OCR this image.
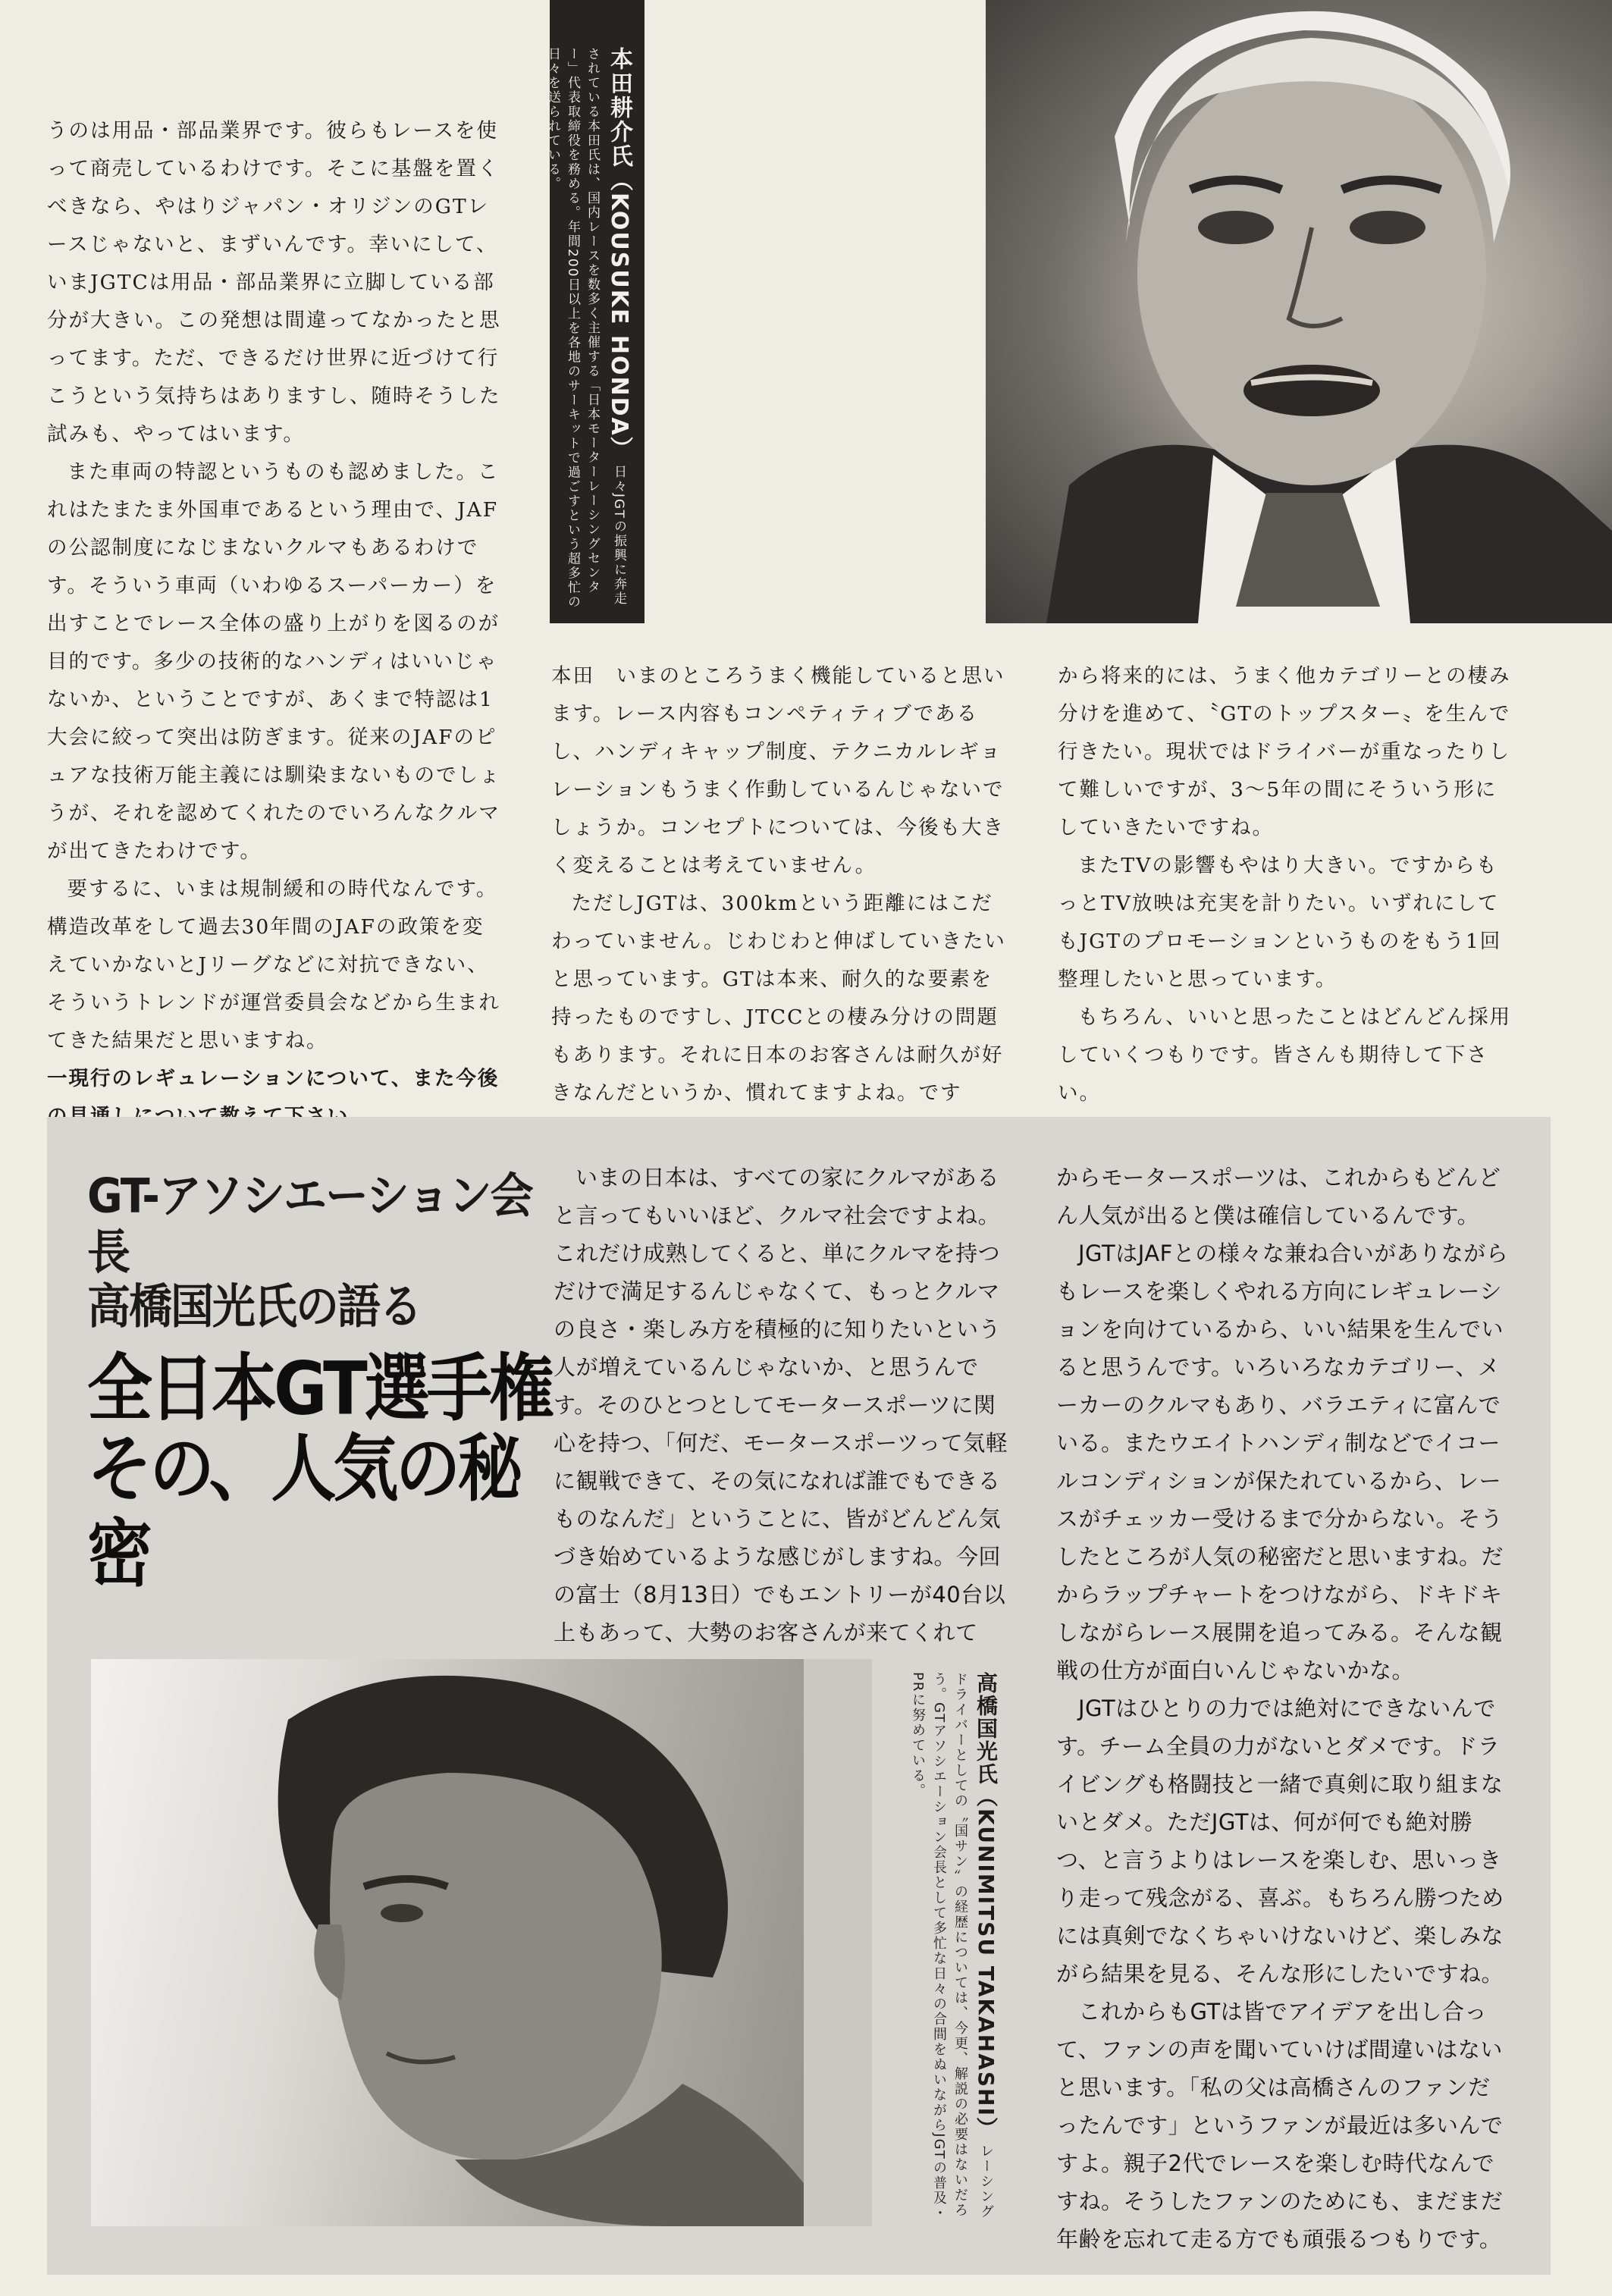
うのは用品・部品業界です。彼らもレースを使って商売しているわけです。そこに基盤を置くべきなら、やはりジャパン・オリジンのGTレースじゃないと、まずいんです。幸いにして、いまJGTCは用品・部品業界に立脚している部分が大きい。この発想は間違ってなかったと思ってます。ただ、できるだけ世界に近づけて行こうという気持ちはありますし、随時そうした試みも、やってはいます。

また車両の特認というものも認めました。これはたまたま外国車であるという理由で、JAFの公認制度になじまないクルマもあるわけです。そういう車両（いわゆるスーパーカー）を出すことでレース全体の盛り上がりを図るのが目的です。多少の技術的なハンディはいいじゃないか、ということですが、あくまで特認は1大会に絞って突出は防ぎます。従来のJAFのピュアな技術万能主義には馴染まないものでしょうが、それを認めてくれたのでいろんなクルマが出てきたわけです。

要するに、いまは規制緩和の時代なんです。構造改革をして過去30年間のJAFの政策を変えていかないとJリーグなどに対抗できない、そういうトレンドが運営委員会などから生まれてきた結果だと思いますね。

一現行のレギュレーションについて、また今後

本田耕介氏（KOUSUKE HONDA） 日々JGTの振興に奔走されている本田氏は、国内レースを数多く主催する「日本モーターレーシングセンター」代表取締役を務める。年間200日以上を各地のサーキットで過ごすという超多忙の日々を送られている。

本田　いまのところうまく機能していると思います。レース内容もコンペティティブであるし、ハンディキャップ制度、テクニカルレギョレーションもうまく作動しているんじゃないでしょうか。コンセプトについては、今後も大きく変えることは考えていません。

ただしJGTは、300kmという距離にはこだわっていません。じわじわと伸ばしていきたいと思っています。GTは本来、耐久的な要素を持ったものですし、JTCCとの棲み分けの問題もあります。それに日本のお客さんは耐久が好きなんだというか、慣れてますよね。です

から将来的には、うまく他カテゴリーとの棲み分けを進めて、〝GTのトップスター〟を生んで行きたい。現状ではドライバーが重なったりして難しいですが、3～5年の間にそういう形にしていきたいですね。

またTVの影響もやはり大きい。ですからもっとTV放映は充実を計りたい。いずれにしてもJGTのプロモーションというものをもう1回整理したいと思っています。

もちろん、いいと思ったことはどんどん採用していくつもりです。皆さんも期待して下さい。

GT-アソシエーション会長
高橋国光氏の語る
全日本GT選手権
その、人気の秘密

いまの日本は、すべての家にクルマがあると言ってもいいほど、クルマ社会ですよね。これだけ成熟してくると、単にクルマを持つだけで満足するんじゃなくて、もっとクルマの良さ・楽しみ方を積極的に知りたいという人が増えているんじゃないか、と思うんです。そのひとつとしてモータースポーツに関心を持つ、「何だ、モータースポーツって気軽に観戦できて、その気になれば誰でもできるものなんだ」ということに、皆がどんどん気づき始めているような感じがしますね。今回の富士（8月13日）でもエントリーが40台以上もあって、大勢のお客さんが来てくれて

高橋国光氏（KUNIMITSU TAKAHASHI） レーシングドライバーとしての〝国サン〟の経歴については、今更、解説の必要はないだろう。GTアソシエーション会長として多忙な日々の合間をぬいながらJGTの普及・PRに努めている。

からモータースポーツは、これからもどんどん人気が出ると僕は確信しているんです。

JGTはJAFとの様々な兼ね合いがありながらもレースを楽しくやれる方向にレギュレーションを向けているから、いい結果を生んでいると思うんです。いろいろなカテゴリー、メーカーのクルマもあり、バラエティに富んでいる。またウエイトハンディ制などでイコールコンディションが保たれているから、レースがチェッカー受けるまで分からない。そうしたところが人気の秘密だと思いますね。だからラップチャートをつけながら、ドキドキしながらレース展開を追ってみる。そんな観戦の仕方が面白いんじゃないかな。

JGTはひとりの力では絶対にできないんです。チーム全員の力がないとダメです。ドライビングも格闘技と一緒で真剣に取り組まないとダメ。ただJGTは、何が何でも絶対勝つ、と言うよりはレースを楽しむ、思いっきり走って残念がる、喜ぶ。もちろん勝つためには真剣でなくちゃいけないけど、楽しみながら結果を見る、そんな形にしたいですね。

これからもGTは皆でアイデアを出し合って、ファンの声を聞いていけば間違いはないと思います。「私の父は高橋さんのファンだったんです」というファンが最近は多いんですよ。親子2代でレースを楽しむ時代なんですね。そうしたファンのためにも、まだまだ年齢を忘れて走る方でも頑張るつもりです。
